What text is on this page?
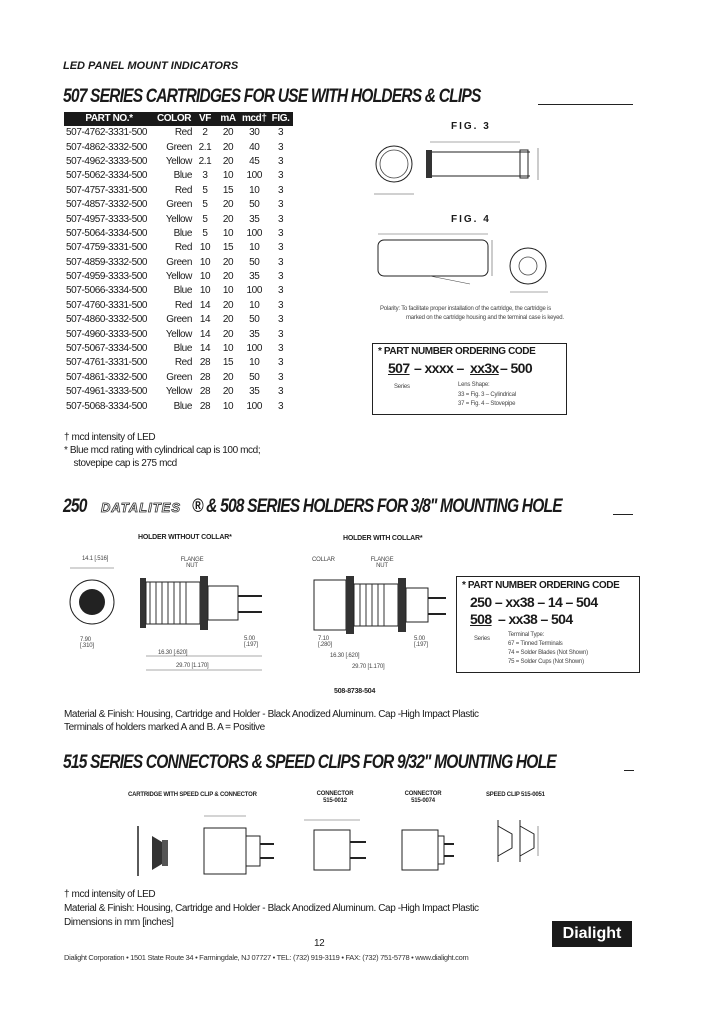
LED PANEL MOUNT INDICATORS
507 SERIES CARTRIDGES FOR USE WITH HOLDERS & CLIPS
PART NO.*	COLOR	VF	mA	mcd†	FIG.
507-4762-3331-500	Red	2	20	30	3
507-4862-3332-500	Green	2.1	20	40	3
507-4962-3333-500	Yellow	2.1	20	45	3
507-5062-3334-500	Blue	3	10	100	3
507-4757-3331-500	Red	5	15	10	3
507-4857-3332-500	Green	5	20	50	3
507-4957-3333-500	Yellow	5	20	35	3
507-5064-3334-500	Blue	5	10	100	3
507-4759-3331-500	Red	10	15	10	3
507-4859-3332-500	Green	10	20	50	3
507-4959-3333-500	Yellow	10	20	35	3
507-5066-3334-500	Blue	10	10	100	3
507-4760-3331-500	Red	14	20	10	3
507-4860-3332-500	Green	14	20	50	3
507-4960-3333-500	Yellow	14	20	35	3
507-5067-3334-500	Blue	14	10	100	3
507-4761-3331-500	Red	28	15	10	3
507-4861-3332-500	Green	28	20	50	3
507-4961-3333-500	Yellow	28	20	35	3
507-5068-3334-500	Blue	28	10	100	3
FIG. 3
FIG. 4
Polarity: To facilitate proper installation of the cartridge, the cartridge is
marked on the cartridge housing and the terminal case is keyed.
* PART NUMBER ORDERING CODE
507 – xxxx – xx3x – 500
Series	Lens Shape:
33 = Fig. 3 – Cylindrical
37 = Fig. 4 – Stovepipe
† mcd intensity of LED
* Blue mcd rating with cylindrical cap is 100 mcd;
stovepipe cap is 275 mcd
250	DATALITES ® & 508 SERIES HOLDERS FOR 3/8" MOUNTING HOLE
HOLDER WITHOUT COLLAR*
FLANGE NUT
14.1 [.516]
7.90 [.310]
16.30 [.620]
5.00 [.197]
29.70 [1.170]
HOLDER WITH COLLAR*
COLLAR	FLANGE NUT
7.10 [.280]
5.00 [.197]
16.30 [.620]
29.70 [1.170]
508-8738-504
* PART NUMBER ORDERING CODE
250 – xx38 – 14 – 504
508 – xx38 – 504
Series
Terminal Type:
67 = Tinned Terminals
74 = Solder Blades (Not Shown)
75 = Solder Cups (Not Shown)
Material & Finish: Housing, Cartridge and Holder - Black Anodized Aluminum. Cap -High Impact Plastic
Terminals of holders marked A and B. A = Positive
515 SERIES CONNECTORS & SPEED CLIPS FOR 9/32" MOUNTING HOLE
CARTRIDGE WITH SPEED CLIP & CONNECTOR	CONNECTOR
515-0012
CONNECTOR
515-0074
SPEED CLIP 515-0051
† mcd intensity of LED
Material & Finish: Housing, Cartridge and Holder - Black Anodized Aluminum. Cap -High Impact Plastic
Dimensions in mm [inches]
Dialight
12
Dialight Corporation • 1501 State Route 34 • Farmingdale, NJ 07727 • TEL: (732) 919-3119 • FAX: (732) 751-5778 • www.dialight.com
